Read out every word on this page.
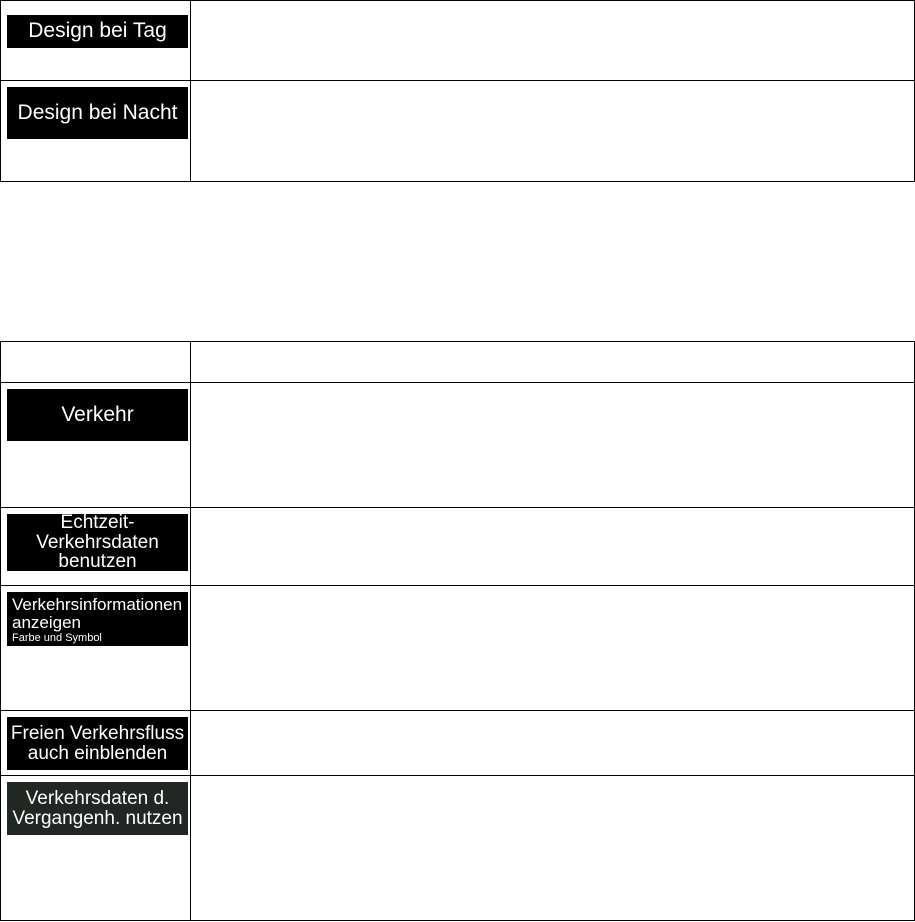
Design bei Tag	

Design bei Nacht	

Verkehr	

Echtzeit-Verkehrsdaten
benutzen	

Verkehrsinformationen
anzeigen
Farbe und Symbol	

Freien Verkehrsfluss
auch einblenden	

Verkehrsdaten d.
Vergangenh. nutzen	
